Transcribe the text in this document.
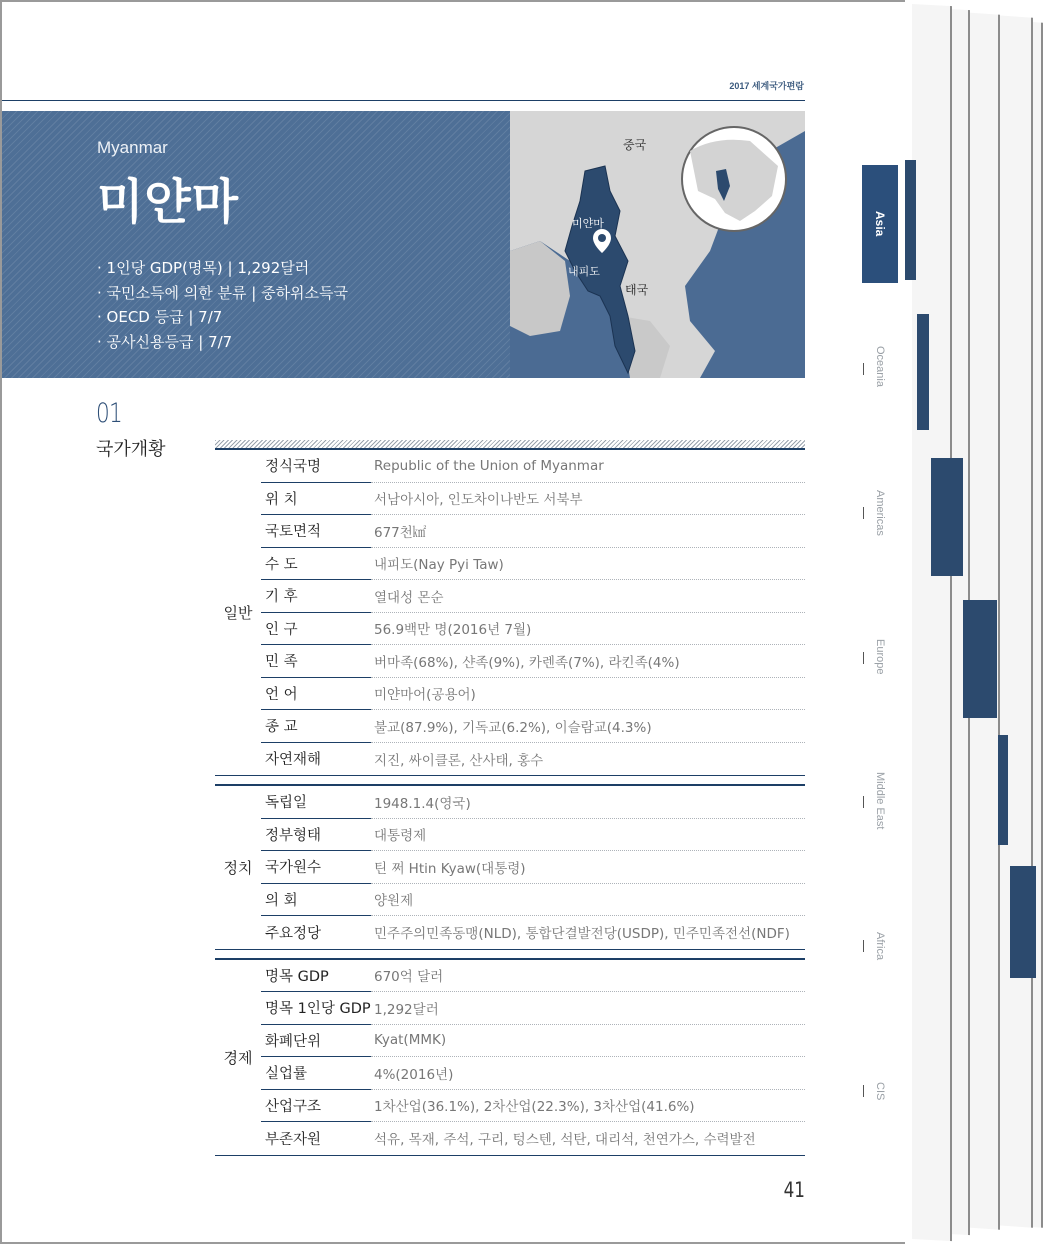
2017 세계국가편람
Myanmar
미얀마
· 1인당 GDP(명목) | 1,292달러
· 국민소득에 의한 분류 | 중하위소득국
· OECD 등급 | 7/7
· 공사신용등급 | 7/7
중국
미얀마
내피도
태국
01
국가개황
일반
정식국명	Republic of the Union of Myanmar
위 치	서남아시아, 인도차이나반도 서북부
국토면적	677천㎢
수 도	내피도(Nay Pyi Taw)
기 후	열대성 몬순
인 구	56.9백만 명(2016년 7월)
민 족	버마족(68%), 샨족(9%), 카렌족(7%), 라킨족(4%)
언 어	미얀마어(공용어)
종 교	불교(87.9%), 기독교(6.2%), 이슬람교(4.3%)
자연재해	지진, 싸이클론, 산사태, 홍수
정치
독립일	1948.1.4(영국)
정부형태	대통령제
국가원수	틴 쩌 Htin Kyaw(대통령)
의 회	양원제
주요정당	민주주의민족동맹(NLD), 통합단결발전당(USDP), 민주민족전선(NDF)
경제
명목 GDP	670억 달러
명목 1인당 GDP 1,292달러
화폐단위	Kyat(MMK)
실업률	4%(2016년)
산업구조	1차산업(36.1%), 2차산업(22.3%), 3차산업(41.6%)
부존자원	석유, 목재, 주석, 구리, 텅스텐, 석탄, 대리석, 천연가스, 수력발전
41
Asia
Oceania
Americas
Europe
Middle East
Africa
CIS
